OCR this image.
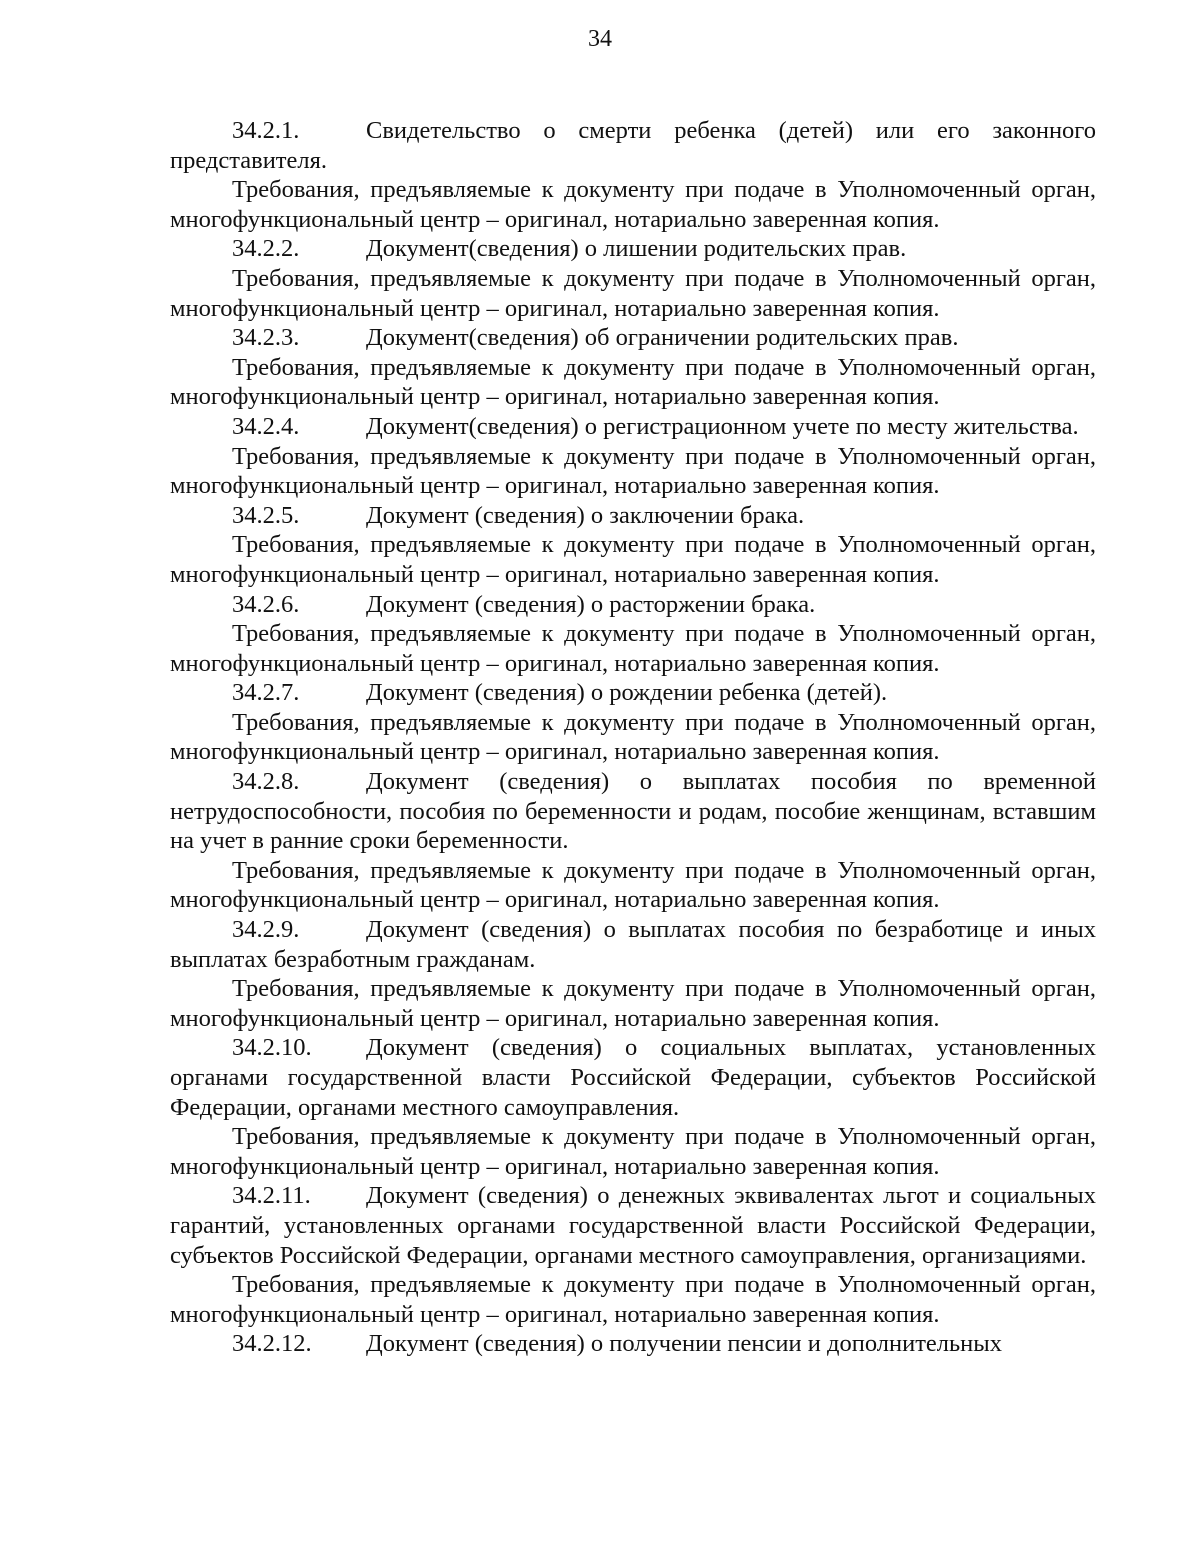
34

34.2.1.	Свидетельство о смерти ребенка (детей) или его законного представителя.

Требования, предъявляемые к документу при подаче в Уполномоченный орган, многофункциональный центр – оригинал, нотариально заверенная копия.

34.2.2.	Документ(сведения) о лишении родительских прав.

Требования, предъявляемые к документу при подаче в Уполномоченный орган, многофункциональный центр – оригинал, нотариально заверенная копия.

34.2.3.	Документ(сведения) об ограничении родительских прав.

Требования, предъявляемые к документу при подаче в Уполномоченный орган, многофункциональный центр – оригинал, нотариально заверенная копия.

34.2.4.	Документ(сведения) о регистрационном учете по месту жительства.

Требования, предъявляемые к документу при подаче в Уполномоченный орган, многофункциональный центр – оригинал, нотариально заверенная копия.

34.2.5.	Документ (сведения) о заключении брака.

Требования, предъявляемые к документу при подаче в Уполномоченный орган, многофункциональный центр – оригинал, нотариально заверенная копия.

34.2.6.	Документ (сведения) о расторжении брака.

Требования, предъявляемые к документу при подаче в Уполномоченный орган, многофункциональный центр – оригинал, нотариально заверенная копия.

34.2.7.	Документ (сведения) о рождении ребенка (детей).

Требования, предъявляемые к документу при подаче в Уполномоченный орган, многофункциональный центр – оригинал, нотариально заверенная копия.

34.2.8.	Документ (сведения) о выплатах пособия по временной нетрудоспособности, пособия по беременности и родам, пособие женщинам, вставшим на учет в ранние сроки беременности.

Требования, предъявляемые к документу при подаче в Уполномоченный орган, многофункциональный центр – оригинал, нотариально заверенная копия.

34.2.9.	Документ (сведения) о выплатах пособия по безработице и иных выплатах безработным гражданам.

Требования, предъявляемые к документу при подаче в Уполномоченный орган, многофункциональный центр – оригинал, нотариально заверенная копия.

34.2.10. Документ (сведения) о социальных выплатах, установленных органами государственной власти Российской Федерации, субъектов Российской Федерации, органами местного самоуправления.

Требования, предъявляемые к документу при подаче в Уполномоченный орган, многофункциональный центр – оригинал, нотариально заверенная копия.

34.2.11. Документ (сведения) о денежных эквивалентах льгот и социальных гарантий, установленных органами государственной власти Российской Федерации, субъектов Российской Федерации, органами местного самоуправления, организациями.

Требования, предъявляемые к документу при подаче в Уполномоченный орган, многофункциональный центр – оригинал, нотариально заверенная копия.

34.2.12. Документ (сведения) о получении пенсии и дополнительных
